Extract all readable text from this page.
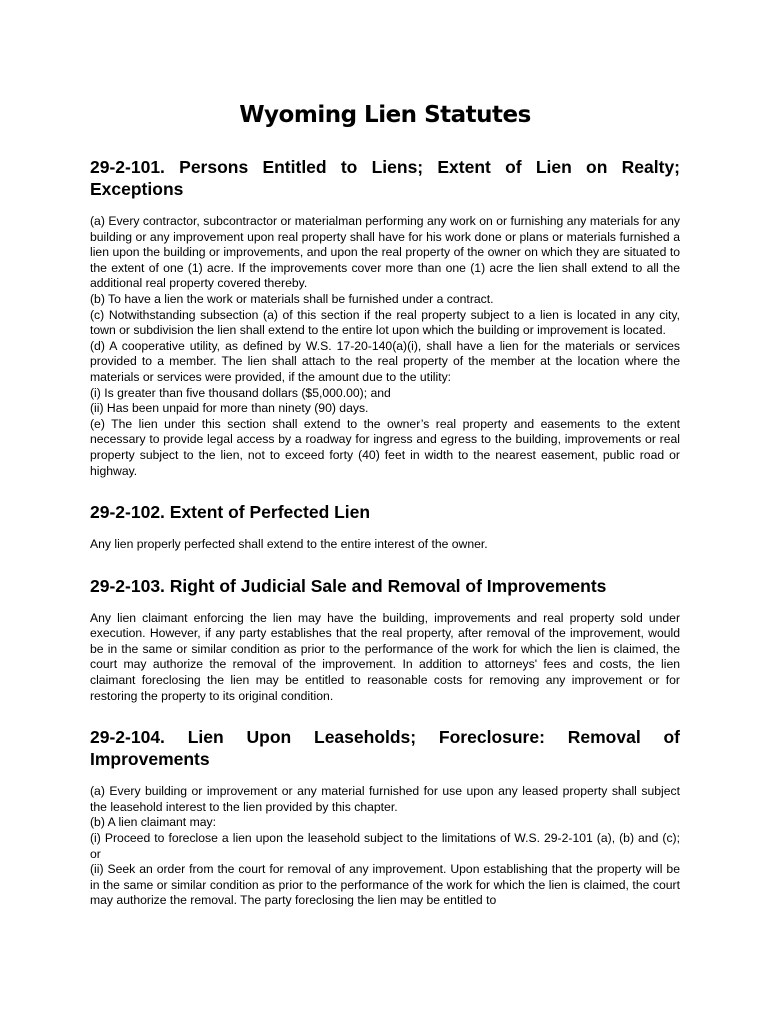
Wyoming Lien Statutes
29-2-101. Persons Entitled to Liens; Extent of Lien on Realty; Exceptions
(a) Every contractor, subcontractor or materialman performing any work on or furnishing any materials for any building or any improvement upon real property shall have for his work done or plans or materials furnished a lien upon the building or improvements, and upon the real property of the owner on which they are situated to the extent of one (1) acre. If the improvements cover more than one (1) acre the lien shall extend to all the additional real property covered thereby.
(b) To have a lien the work or materials shall be furnished under a contract.
(c) Notwithstanding subsection (a) of this section if the real property subject to a lien is located in any city, town or subdivision the lien shall extend to the entire lot upon which the building or improvement is located.
(d) A cooperative utility, as defined by W.S. 17-20-140(a)(i), shall have a lien for the materials or services provided to a member. The lien shall attach to the real property of the member at the location where the materials or services were provided, if the amount due to the utility:
(i) Is greater than five thousand dollars ($5,000.00); and
(ii) Has been unpaid for more than ninety (90) days.
(e) The lien under this section shall extend to the owner’s real property and easements to the extent necessary to provide legal access by a roadway for ingress and egress to the building, improvements or real property subject to the lien, not to exceed forty (40) feet in width to the nearest easement, public road or highway.
29-2-102. Extent of Perfected Lien
Any lien properly perfected shall extend to the entire interest of the owner.
29-2-103. Right of Judicial Sale and Removal of Improvements
Any lien claimant enforcing the lien may have the building, improvements and real property sold under execution. However, if any party establishes that the real property, after removal of the improvement, would be in the same or similar condition as prior to the performance of the work for which the lien is claimed, the court may authorize the removal of the improvement. In addition to attorneys' fees and costs, the lien claimant foreclosing the lien may be entitled to reasonable costs for removing any improvement or for restoring the property to its original condition.
29-2-104. Lien Upon Leaseholds; Foreclosure: Removal of Improvements
(a) Every building or improvement or any material furnished for use upon any leased property shall subject the leasehold interest to the lien provided by this chapter.
(b) A lien claimant may:
(i) Proceed to foreclose a lien upon the leasehold subject to the limitations of W.S. 29-2-101 (a), (b) and (c); or
(ii) Seek an order from the court for removal of any improvement. Upon establishing that the property will be in the same or similar condition as prior to the performance of the work for which the lien is claimed, the court may authorize the removal. The party foreclosing the lien may be entitled to
